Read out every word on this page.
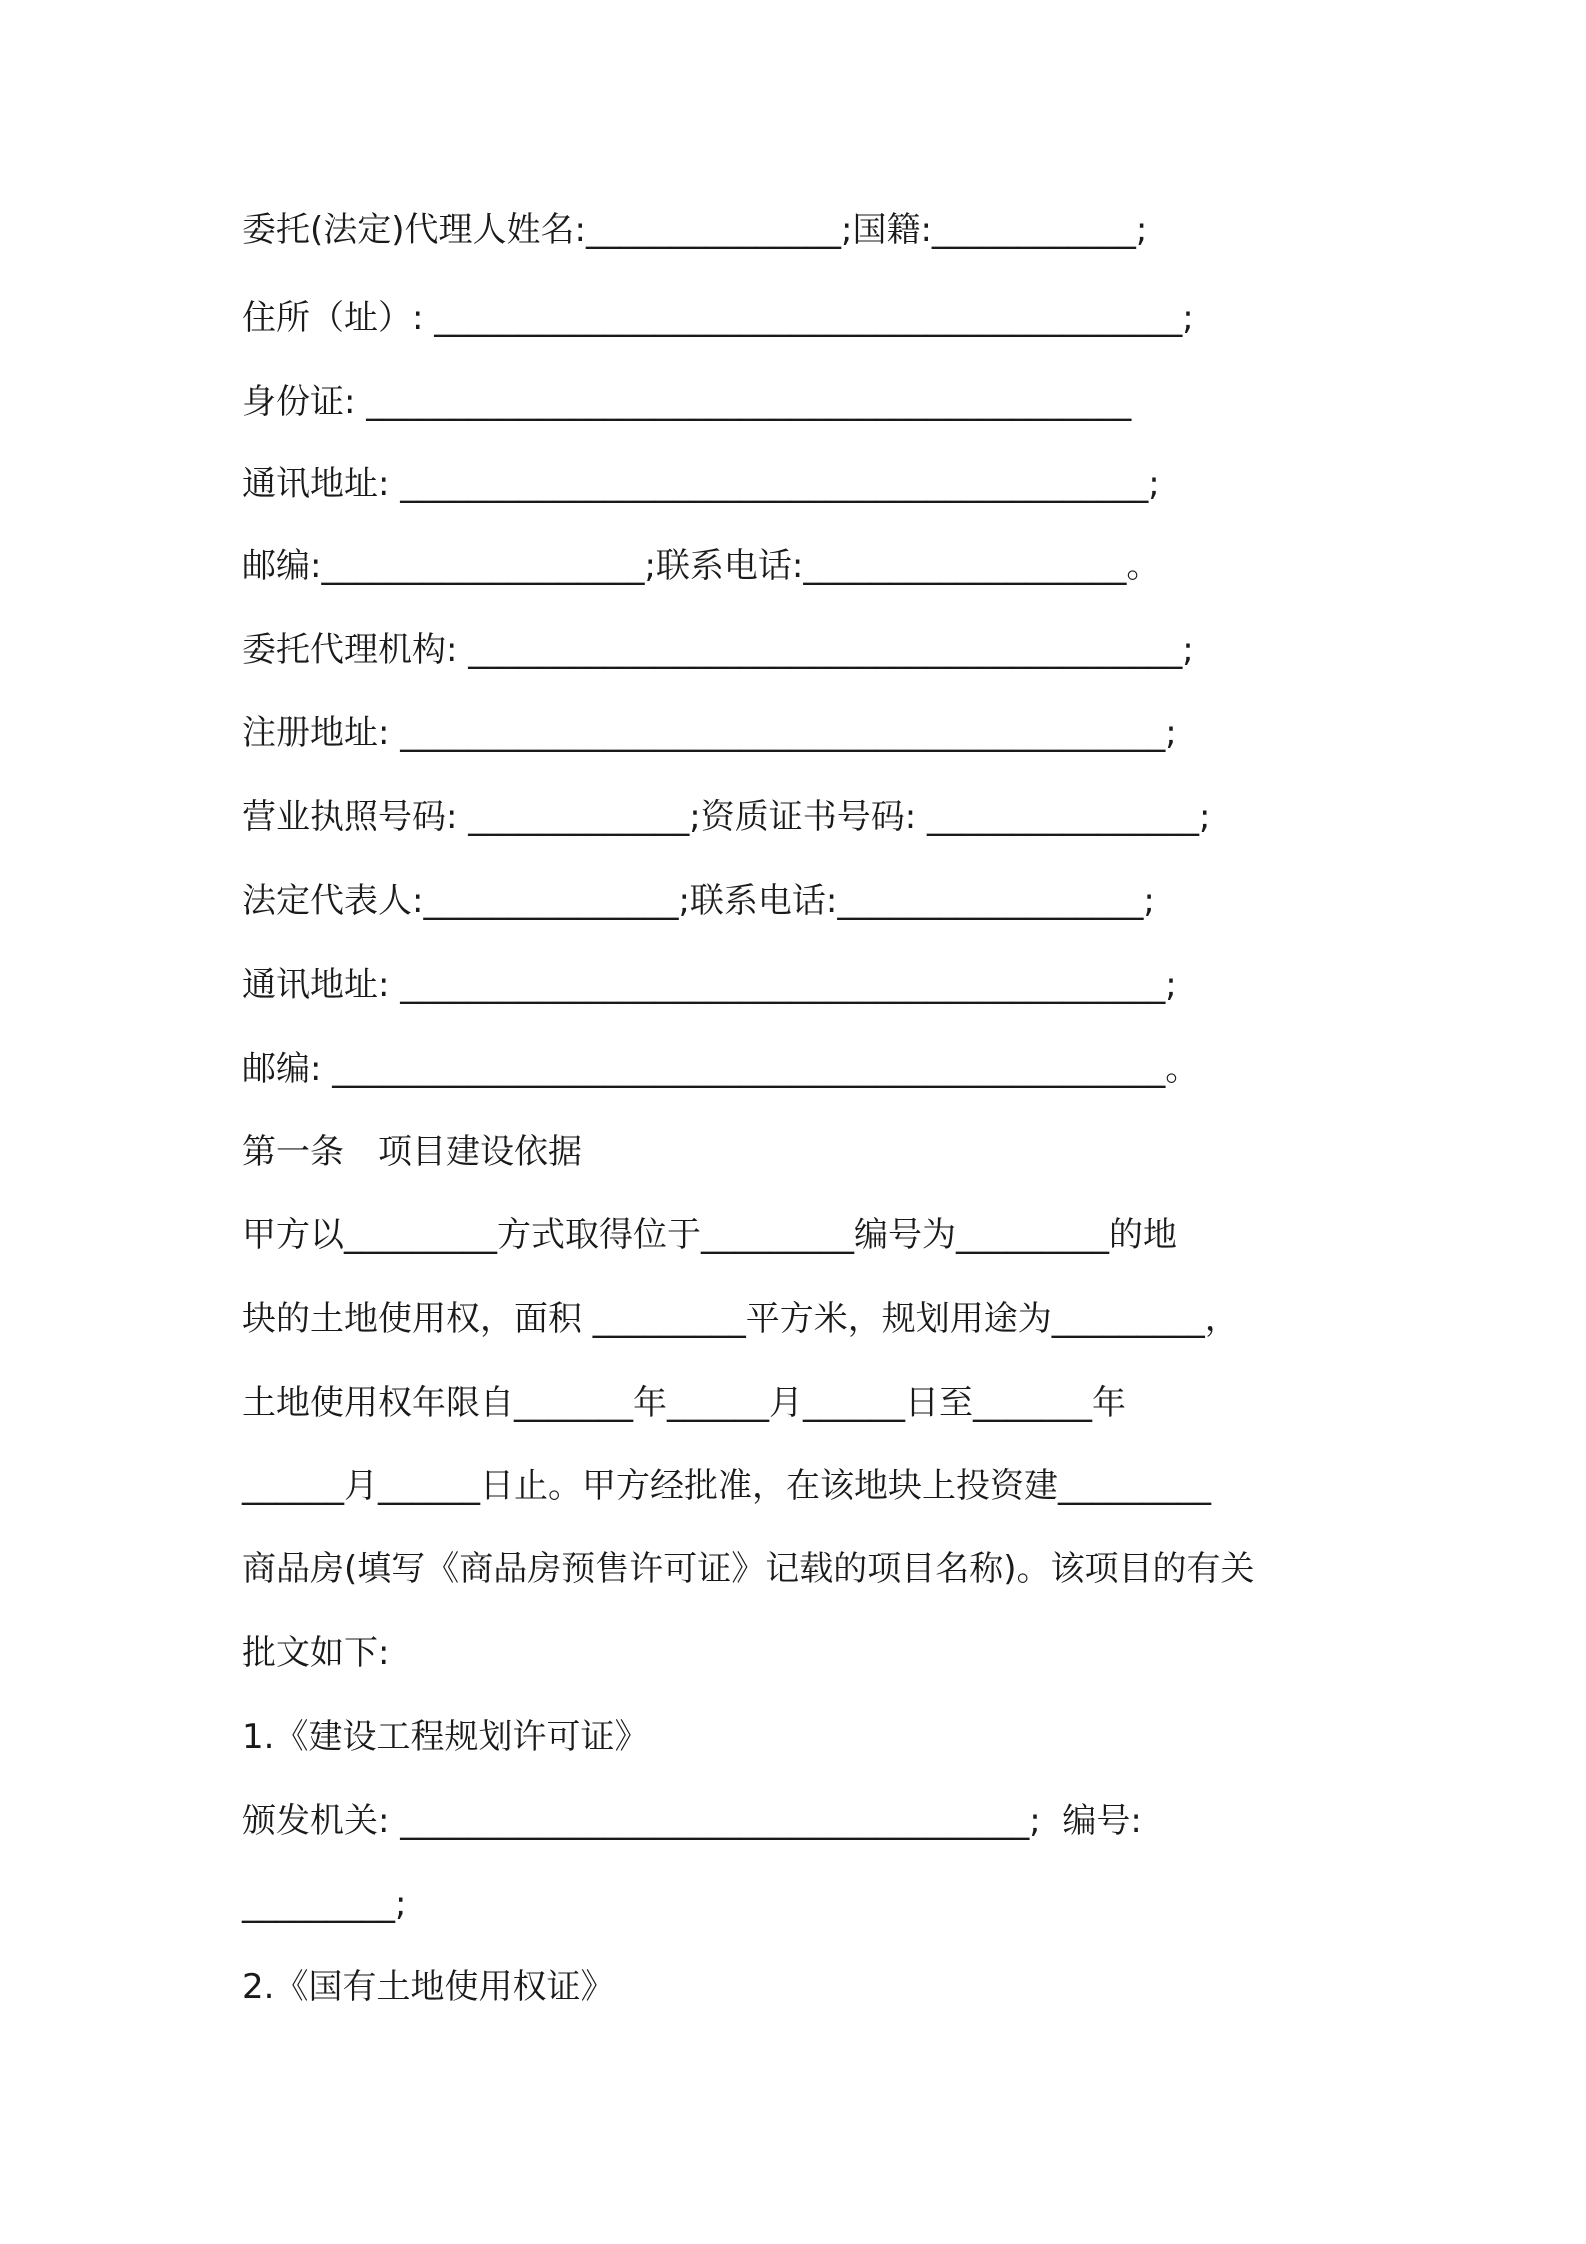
委托(法定)代理人姓名:_______________;国籍:____________;
住所（址）: ____________________________________________;
身份证: _____________________________________________
通讯地址: ____________________________________________;
邮编:___________________;联系电话:___________________。
委托代理机构: __________________________________________;
注册地址: _____________________________________________;
营业执照号码: _____________;资质证书号码: ________________;
法定代表人:_______________;联系电话:__________________;
通讯地址: _____________________________________________;
邮编: _________________________________________________。
第一条　项目建设依据
甲方以_________方式取得位于_________编号为_________的地
块的土地使用权，面积 _________平方米，规划用途为_________，
土地使用权年限自_______年______月______日至_______年
______月______日止。甲方经批准，在该地块上投资建_________
商品房(填写《商品房预售许可证》记载的项目名称)。该项目的有关
批文如下:
1.《建设工程规划许可证》
颁发机关: _____________________________________;  编号:
_________;
2.《国有土地使用权证》
